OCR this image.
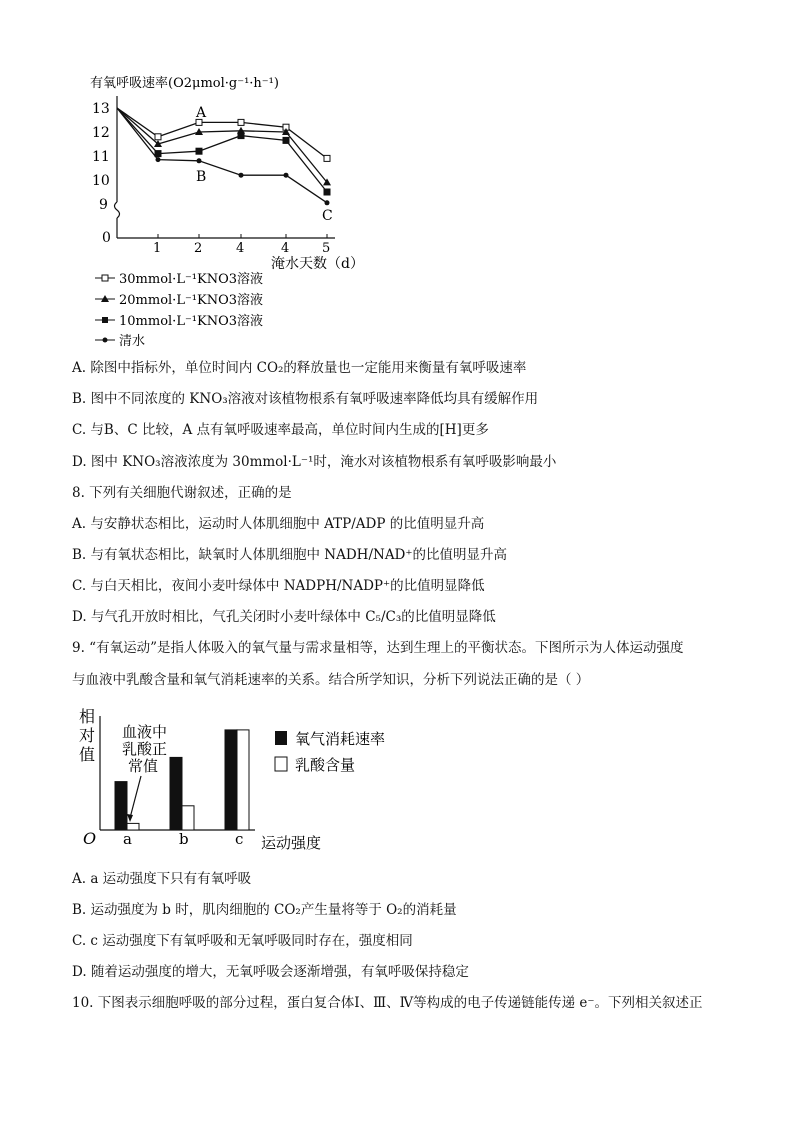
有氧呼吸速率(O2μmol·g⁻¹·h⁻¹)
13
12
11
10
9
0
1	2	4	4	5
淹水天数（d）
A
B
C
30mmol·L⁻¹KNO3溶液
20mmol·L⁻¹KNO3溶液
10mmol·L⁻¹KNO3溶液
清水
A. 除图中指标外，单位时间内 CO₂的释放量也一定能用来衡量有氧呼吸速率
B. 图中不同浓度的 KNO₃溶液对该植物根系有氧呼吸速率降低均具有缓解作用
C. 与B、C 比较，A 点有氧呼吸速率最高，单位时间内生成的[H]更多
D. 图中 KNO₃溶液浓度为 30mmol·L⁻¹时，淹水对该植物根系有氧呼吸影响最小
8. 下列有关细胞代谢叙述，正确的是
A. 与安静状态相比，运动时人体肌细胞中 ATP/ADP 的比值明显升高
B. 与有氧状态相比，缺氧时人体肌细胞中 NADH/NAD⁺的比值明显升高
C. 与白天相比，夜间小麦叶绿体中 NADPH/NADP⁺的比值明显降低
D. 与气孔开放时相比，气孔关闭时小麦叶绿体中 C₅/C₃的比值明显降低
9. “有氧运动”是指人体吸入的氧气量与需求量相等，达到生理上的平衡状态。下图所示为人体运动强度
与血液中乳酸含量和氧气消耗速率的关系。结合所学知识，分析下列说法正确的是（ ）
相
对
值
O
血液中
乳酸正
常值
a	b	c 运动强度
氧气消耗速率
乳酸含量
A. a 运动强度下只有有氧呼吸
B. 运动强度为 b 时，肌肉细胞的 CO₂产生量将等于 O₂的消耗量
C. c 运动强度下有氧呼吸和无氧呼吸同时存在，强度相同
D. 随着运动强度的增大，无氧呼吸会逐渐增强，有氧呼吸保持稳定
10. 下图表示细胞呼吸的部分过程，蛋白复合体Ⅰ、Ⅲ、Ⅳ等构成的电子传递链能传递 e⁻。下列相关叙述正
